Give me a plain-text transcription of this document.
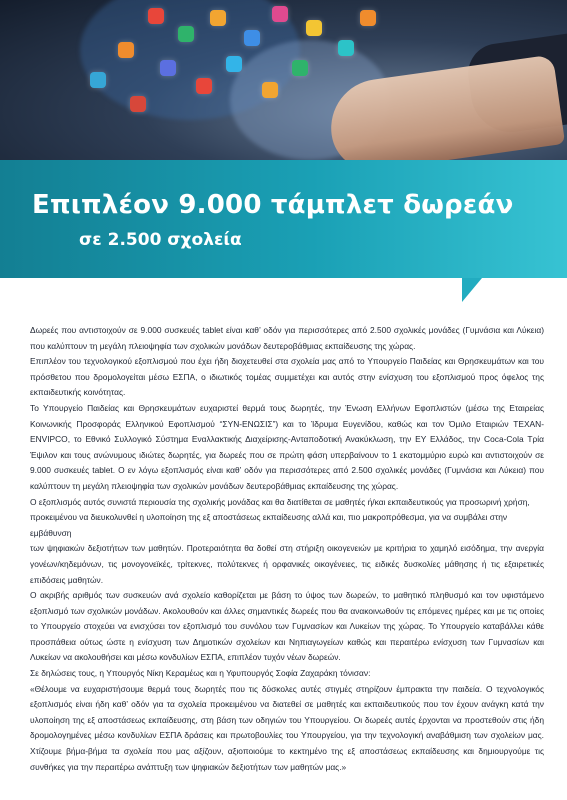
Επιπλέον 9.000 τάμπλετ δωρεάν
σε 2.500 σχολεία

Δωρεές που αντιστοιχούν σε 9.000 συσκευές tablet είναι καθ’ οδόν για περισσότερες από 2.500 σχολικές μονάδες (Γυμνάσια και Λύκεια) που καλύπτουν τη μεγάλη πλειοψηφία των σχολικών μονάδων δευτεροβάθμιας εκπαίδευσης της χώρας.

Επιπλέον του τεχνολογικού εξοπλισμού που έχει ήδη διοχετευθεί στα σχολεία μας από το Υπουργείο Παιδείας και Θρησκευμάτων και του πρόσθετου που δρομολογείται μέσω ΕΣΠΑ, ο ιδιωτικός τομέας συμμετέχει και αυτός στην ενίσχυση του εξοπλισμού προς όφελος της εκπαιδευτικής κοινότητας.

Το Υπουργείο Παιδείας και Θρησκευμάτων ευχαριστεί θερμά τους δωρητές, την Ένωση Ελλήνων Εφοπλιστών (μέσω της Εταιρείας Κοινωνικής Προσφοράς Ελληνικού Εφοπλισμού “ΣΥΝ-ΕΝΩΣΙΣ”) και το Ίδρυμα Ευγενίδου, καθώς και τον Όμιλο Εταιριών TEXAN-ENVIPCO, το Εθνικό Συλλογικό Σύστημα Εναλλακτικής Διαχείρισης-Ανταποδοτική Ανακύκλωση, την ΕΥ Ελλάδος, την Coca-Cola Τρία Έψιλον και τους ανώνυμους ιδιώτες δωρητές, για δωρεές που σε πρώτη φάση υπερβαίνουν το 1 εκατομμύριο ευρώ και αντιστοιχούν σε 9.000 συσκευές tablet. Ο εν λόγω εξοπλισμός είναι καθ’ οδόν για περισσότερες από 2.500 σχολικές μονάδες (Γυμνάσια και Λύκεια) που καλύπτουν τη μεγάλη πλειοψηφία των σχολικών μονάδων δευτεροβάθμιας εκπαίδευσης της χώρας.

Ο εξοπλισμός αυτός συνιστά περιουσία της σχολικής μονάδας και θα διατίθεται σε μαθητές ή/και εκπαιδευτικούς για προσωρινή χρήση, προκειμένου να διευκολυνθεί η υλοποίηση της εξ αποστάσεως εκπαίδευσης αλλά και, πιο μακροπρόθεσμα, για να συμβάλει στην εμβάθυνση

των ψηφιακών δεξιοτήτων των μαθητών. Προτεραιότητα θα δοθεί στη στήριξη οικογενειών με κριτήρια το χαμηλό εισόδημα, την ανεργία γονέων/κηδεμόνων, τις μονογονεϊκές, τρίτεκνες, πολύτεκνες ή ορφανικές οικογένειες, τις ειδικές δυσκολίες μάθησης ή τις εξαιρετικές επιδόσεις μαθητών.

Ο ακριβής αριθμός των συσκευών ανά σχολείο καθορίζεται με βάση το ύψος των δωρεών, το μαθητικό πληθυσμό και τον υφιστάμενο εξοπλισμό των σχολικών μονάδων. Ακολουθούν και άλλες σημαντικές δωρεές που θα ανακοινωθούν τις επόμενες ημέρες και με τις οποίες το Υπουργείο στοχεύει να ενισχύσει τον εξοπλισμό του συνόλου των Γυμνασίων και Λυκείων της χώρας. Το Υπουργείο καταβάλλει κάθε προσπάθεια ούτως ώστε η ενίσχυση των Δημοτικών σχολείων και Νηπιαγωγείων καθώς και περαιτέρω ενίσχυση των Γυμνασίων και Λυκείων να ακολουθήσει και μέσω κονδυλίων ΕΣΠΑ, επιπλέον τυχόν νέων δωρεών.

Σε δηλώσεις τους, η Υπουργός Νίκη Κεραμέως και η Υφυπουργός Σοφία Ζαχαράκη τόνισαν:

«Θέλουμε να ευχαριστήσουμε θερμά τους δωρητές που τις δύσκολες αυτές στιγμές στηρίζουν έμπρακτα την παιδεία. Ο τεχνολογικός εξοπλισμός είναι ήδη καθ’ οδόν για τα σχολεία προκειμένου να διατεθεί σε μαθητές και εκπαιδευτικούς που τον έχουν ανάγκη κατά την υλοποίηση της εξ αποστάσεως εκπαίδευσης, στη βάση των οδηγιών του Υπουργείου. Οι δωρεές αυτές έρχονται να προστεθούν στις ήδη δρομολογημένες μέσω κονδυλίων ΕΣΠΑ δράσεις και πρωτοβουλίες του Υπουργείου, για την τεχνολογική αναβάθμιση των σχολείων μας. Χτίζουμε βήμα-βήμα τα σχολεία που μας αξίζουν, αξιοποιούμε το κεκτημένο της εξ αποστάσεως εκπαίδευσης και δημιουργούμε τις συνθήκες για την περαιτέρω ανάπτυξη των ψηφιακών δεξιοτήτων των μαθητών μας.»
